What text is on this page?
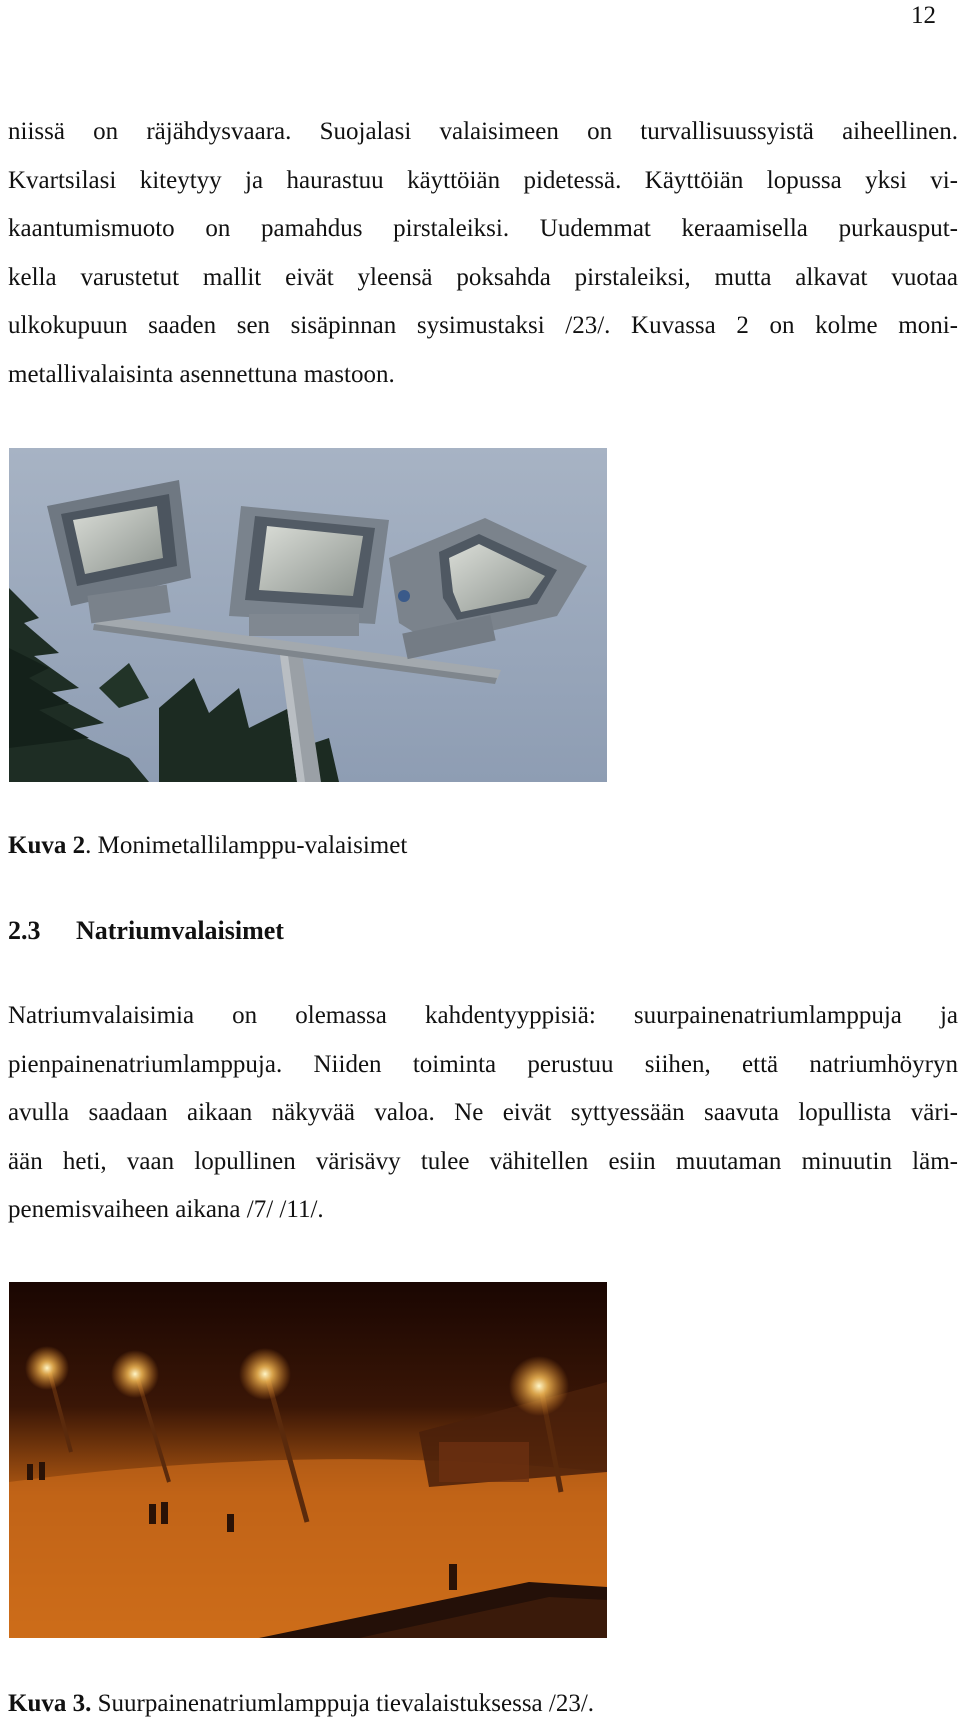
12
niissä on räjähdysvaara. Suojalasi valaisimeen on turvallisuussyistä aiheellinen.
Kvartsilasi kiteytyy ja haurastuu käyttöiän pidetessä. Käyttöiän lopussa yksi vi-
kaantumismuoto on pamahdus pirstaleiksi. Uudemmat keraamisella purkausput-
kella varustetut mallit eivät yleensä poksahda pirstaleiksi, mutta alkavat vuotaa
ulkokupuun saaden sen sisäpinnan sysimustaksi /23/. Kuvassa 2 on kolme moni-
metallivalaisinta asennettuna mastoon.
Kuva 2. Monimetallilamppu-valaisimet
2.3 Natriumvalaisimet
Natriumvalaisimia on olemassa kahdentyyppisiä: suurpainenatriumlamppuja ja
pienpainenatriumlamppuja. Niiden toiminta perustuu siihen, että natriumhöyryn
avulla saadaan aikaan näkyvää valoa. Ne eivät syttyessään saavuta lopullista väri-
ään heti, vaan lopullinen värisävy tulee vähitellen esiin muutaman minuutin läm-
penemisvaiheen aikana /7/ /11/.
Kuva 3. Suurpainenatriumlamppuja tievalaistuksessa /23/.
